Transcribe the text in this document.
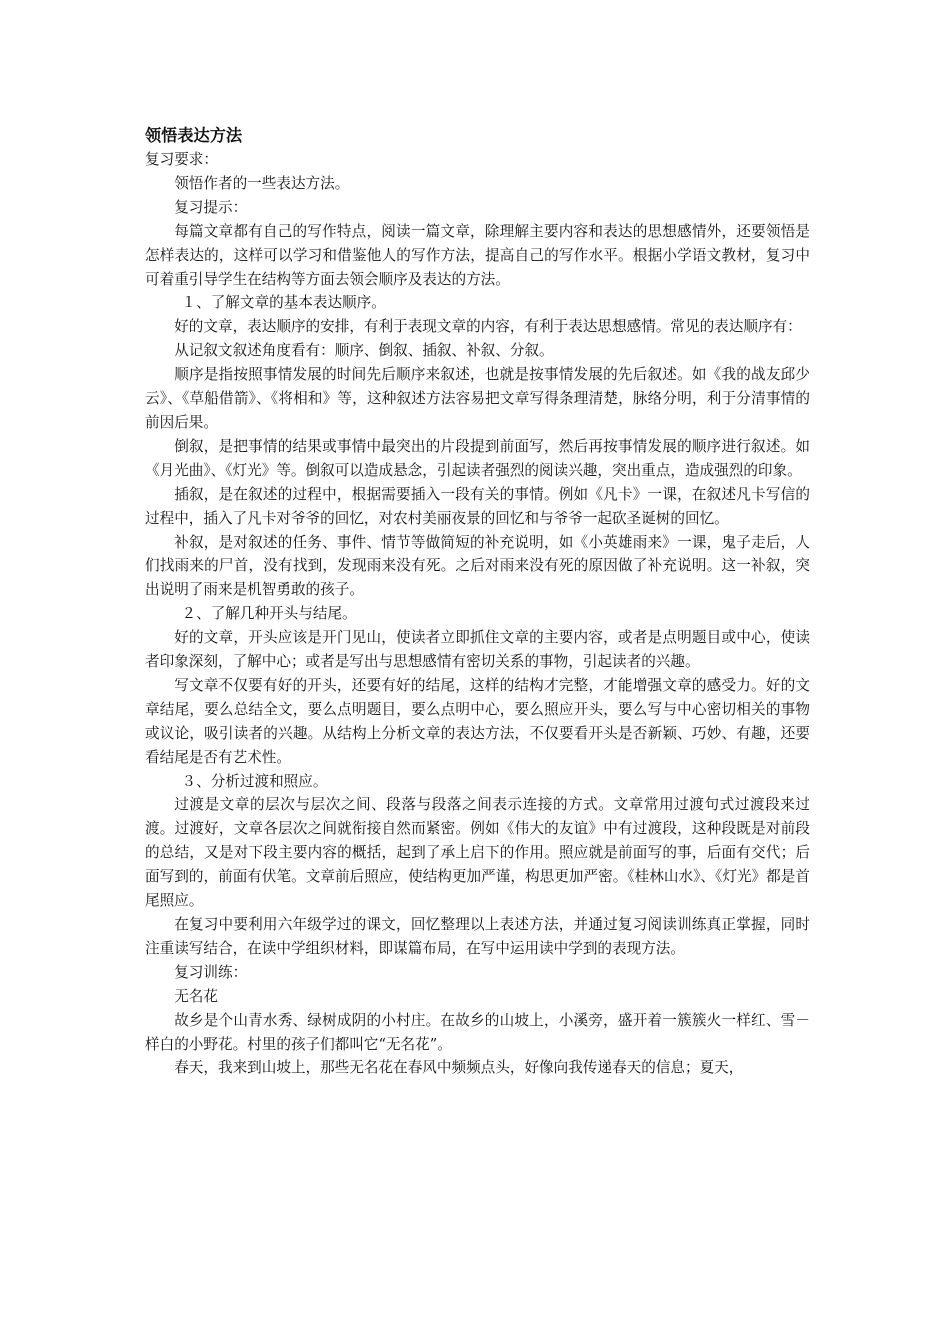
领悟表达方法

复习要求：

领悟作者的一些表达方法。

复习提示：

每篇文章都有自己的写作特点，阅读一篇文章，除理解主要内容和表达的思想感情外，还要领悟是怎样表达的，这样可以学习和借鉴他人的写作方法，提高自己的写作水平。根据小学语文教材，复习中可着重引导学生在结构等方面去领会顺序及表达的方法。

１、了解文章的基本表达顺序。

好的文章，表达顺序的安排，有利于表现文章的内容，有利于表达思想感情。常见的表达顺序有：

从记叙文叙述角度看有：顺序、倒叙、插叙、补叙、分叙。

顺序是指按照事情发展的时间先后顺序来叙述，也就是按事情发展的先后叙述。如《我的战友邱少云》、《草船借箭》、《将相和》等，这种叙述方法容易把文章写得条理清楚，脉络分明，利于分清事情的前因后果。

倒叙，是把事情的结果或事情中最突出的片段提到前面写，然后再按事情发展的顺序进行叙述。如《月光曲》、《灯光》等。倒叙可以造成悬念，引起读者强烈的阅读兴趣，突出重点，造成强烈的印象。

插叙，是在叙述的过程中，根据需要插入一段有关的事情。例如《凡卡》一课，在叙述凡卡写信的过程中，插入了凡卡对爷爷的回忆，对农村美丽夜景的回忆和与爷爷一起砍圣诞树的回忆。

补叙，是对叙述的任务、事件、情节等做简短的补充说明，如《小英雄雨来》一课，鬼子走后，人们找雨来的尸首，没有找到，发现雨来没有死。之后对雨来没有死的原因做了补充说明。这一补叙，突出说明了雨来是机智勇敢的孩子。

２、了解几种开头与结尾。

好的文章，开头应该是开门见山，使读者立即抓住文章的主要内容，或者是点明题目或中心，使读者印象深刻，了解中心；或者是写出与思想感情有密切关系的事物，引起读者的兴趣。

写文章不仅要有好的开头，还要有好的结尾，这样的结构才完整，才能增强文章的感受力。好的文章结尾，要么总结全文，要么点明题目，要么点明中心，要么照应开头，要么写与中心密切相关的事物或议论，吸引读者的兴趣。从结构上分析文章的表达方法，不仅要看开头是否新颖、巧妙、有趣，还要看结尾是否有艺术性。

３、分析过渡和照应。

过渡是文章的层次与层次之间、段落与段落之间表示连接的方式。文章常用过渡句式过渡段来过渡。过渡好，文章各层次之间就衔接自然而紧密。例如《伟大的友谊》中有过渡段，这种段既是对前段的总结，又是对下段主要内容的概括，起到了承上启下的作用。照应就是前面写的事，后面有交代；后面写到的，前面有伏笔。文章前后照应，使结构更加严谨，构思更加严密。《桂林山水》、《灯光》都是首尾照应。

在复习中要利用六年级学过的课文，回忆整理以上表述方法，并通过复习阅读训练真正掌握，同时注重读写结合，在读中学组织材料，即谋篇布局，在写中运用读中学到的表现方法。

复习训练：

无名花

故乡是个山青水秀、绿树成阴的小村庄。在故乡的山坡上，小溪旁，盛开着一簇簇火一样红、雪－样白的小野花。村里的孩子们都叫它“无名花”。

春天，我来到山坡上，那些无名花在春风中频频点头，好像向我传递春天的信息；夏天，
